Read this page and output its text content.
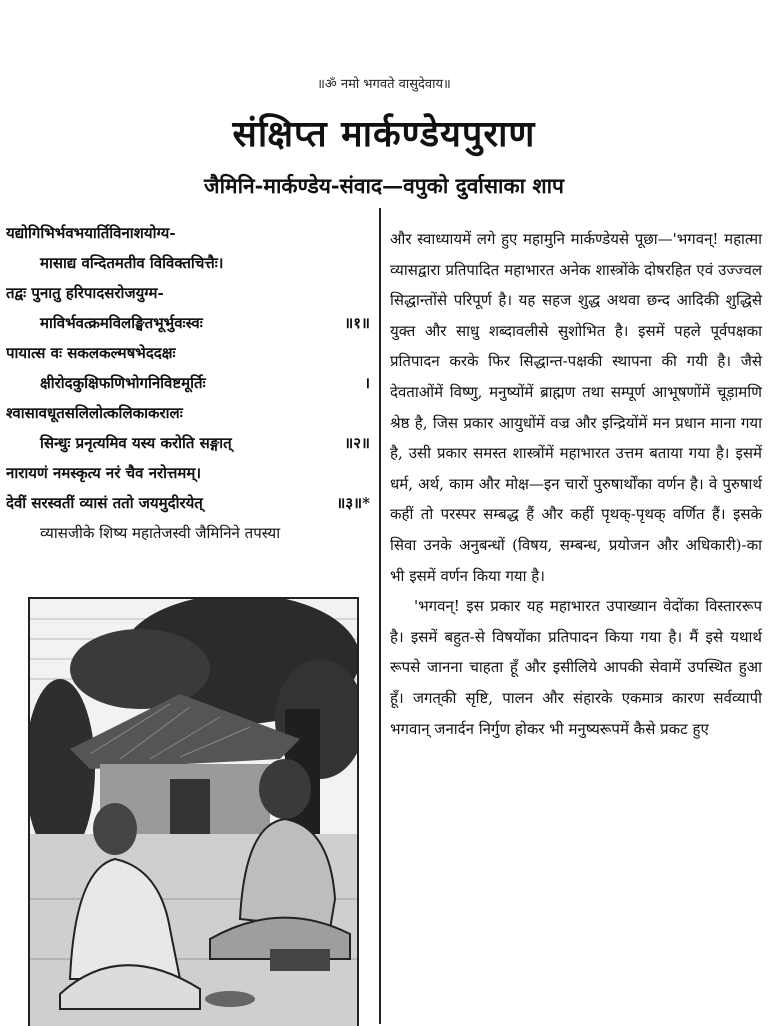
॥ॐ नमो भगवते वासुदेवाय॥
संक्षिप्त मार्कण्डेयपुराण
जैमिनि-मार्कण्डेय-संवाद—वपुको दुर्वासाका शाप
यद्योगिभिर्भवभयार्तिविनाशयोग्य-
मासाद्य वन्दितमतीव विविक्तचित्तैः।
तद्वः पुनातु हरिपादसरोजयुग्म-
माविर्भवत्क्रमविलङ्घितभूर्भुवःस्वः	॥१॥
पायात्स वः सकलकल्मषभेददक्षः
क्षीरोदकुक्षिफणिभोगनिविष्टमूर्तिः	।
श्वासावधूतसलिलोत्कलिकाकरालः
सिन्धुः प्रनृत्यमिव यस्य करोति सङ्गात्	॥२॥
नारायणं नमस्कृत्य नरं चैव नरोत्तमम्।
देवीं सरस्वतीं व्यासं ततो जयमुदीरयेत्	॥३॥*
व्यासजीके शिष्य महातेजस्वी जैमिनिने तपस्या

और स्वाध्यायमें लगे हुए महामुनि मार्कण्डेयसे पूछा—'भगवन्! महात्मा व्यासद्वारा प्रतिपादित महाभारत अनेक शास्त्रोंके दोषरहित एवं उज्ज्वल सिद्धान्तोंसे परिपूर्ण है। यह सहज शुद्ध अथवा छन्द आदिकी शुद्धिसे युक्त और साधु शब्दावलीसे सुशोभित है। इसमें पहले पूर्वपक्षका प्रतिपादन करके फिर सिद्धान्त-पक्षकी स्थापना की गयी है। जैसे देवताओंमें विष्णु, मनुष्योंमें ब्राह्मण तथा सम्पूर्ण आभूषणोंमें चूड़ामणि श्रेष्ठ है, जिस प्रकार आयुधोंमें वज्र और इन्द्रियोंमें मन प्रधान माना गया है, उसी प्रकार समस्त शास्त्रोंमें महाभारत उत्तम बताया गया है। इसमें धर्म, अर्थ, काम और मोक्ष—इन चारों पुरुषार्थोंका वर्णन है। वे पुरुषार्थ कहीं तो परस्पर सम्बद्ध हैं और कहीं पृथक्-पृथक् वर्णित हैं। इसके सिवा उनके अनुबन्धों (विषय, सम्बन्ध, प्रयोजन और अधिकारी)-का भी इसमें वर्णन किया गया है।

'भगवन्! इस प्रकार यह महाभारत उपाख्यान वेदोंका विस्ताररूप है। इसमें बहुत-से विषयोंका प्रतिपादन किया गया है। मैं इसे यथार्थ रूपसे जानना चाहता हूँ और इसीलिये आपकी सेवामें उपस्थित हुआ हूँ। जगत्‌की सृष्टि, पालन और संहारके एकमात्र कारण सर्वव्यापी भगवान् जनार्दन निर्गुण होकर भी मनुष्यरूपमें कैसे प्रकट हुए
